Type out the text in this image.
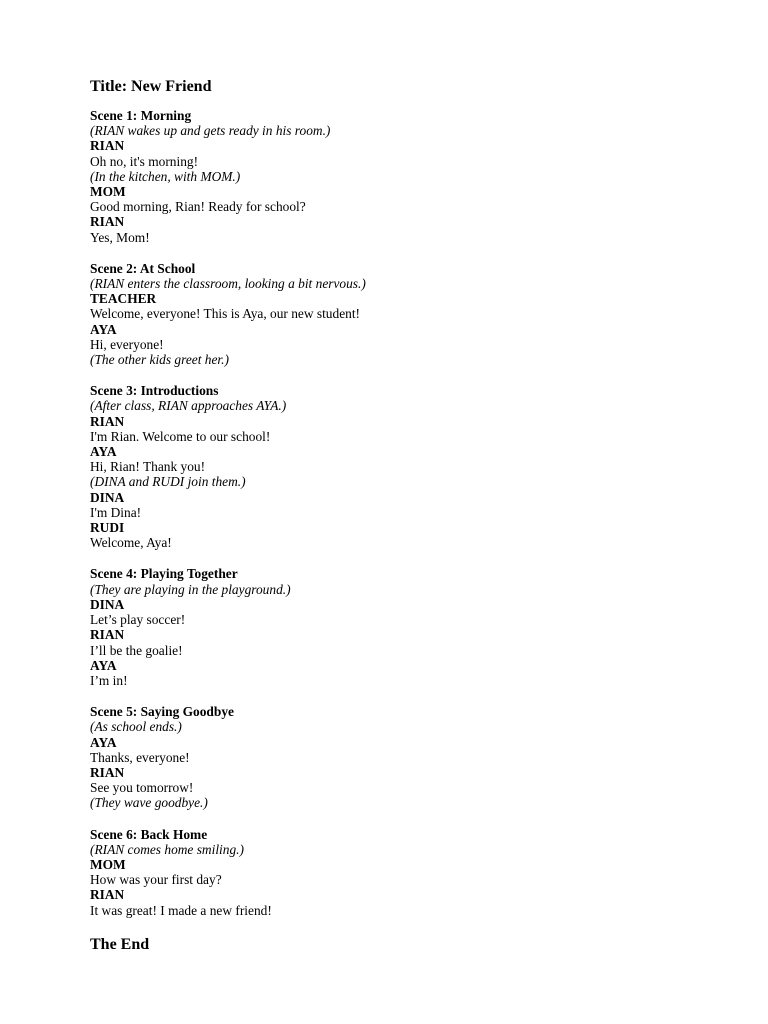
Title: New Friend
Scene 1: Morning
(RIAN wakes up and gets ready in his room.)
RIAN
Oh no, it's morning!
(In the kitchen, with MOM.)
MOM
Good morning, Rian! Ready for school?
RIAN
Yes, Mom!
Scene 2: At School
(RIAN enters the classroom, looking a bit nervous.)
TEACHER
Welcome, everyone! This is Aya, our new student!
AYA
Hi, everyone!
(The other kids greet her.)
Scene 3: Introductions
(After class, RIAN approaches AYA.)
RIAN
I'm Rian. Welcome to our school!
AYA
Hi, Rian! Thank you!
(DINA and RUDI join them.)
DINA
I'm Dina!
RUDI
Welcome, Aya!
Scene 4: Playing Together
(They are playing in the playground.)
DINA
Let’s play soccer!
RIAN
I’ll be the goalie!
AYA
I’m in!
Scene 5: Saying Goodbye
(As school ends.)
AYA
Thanks, everyone!
RIAN
See you tomorrow!
(They wave goodbye.)
Scene 6: Back Home
(RIAN comes home smiling.)
MOM
How was your first day?
RIAN
It was great! I made a new friend!
The End
